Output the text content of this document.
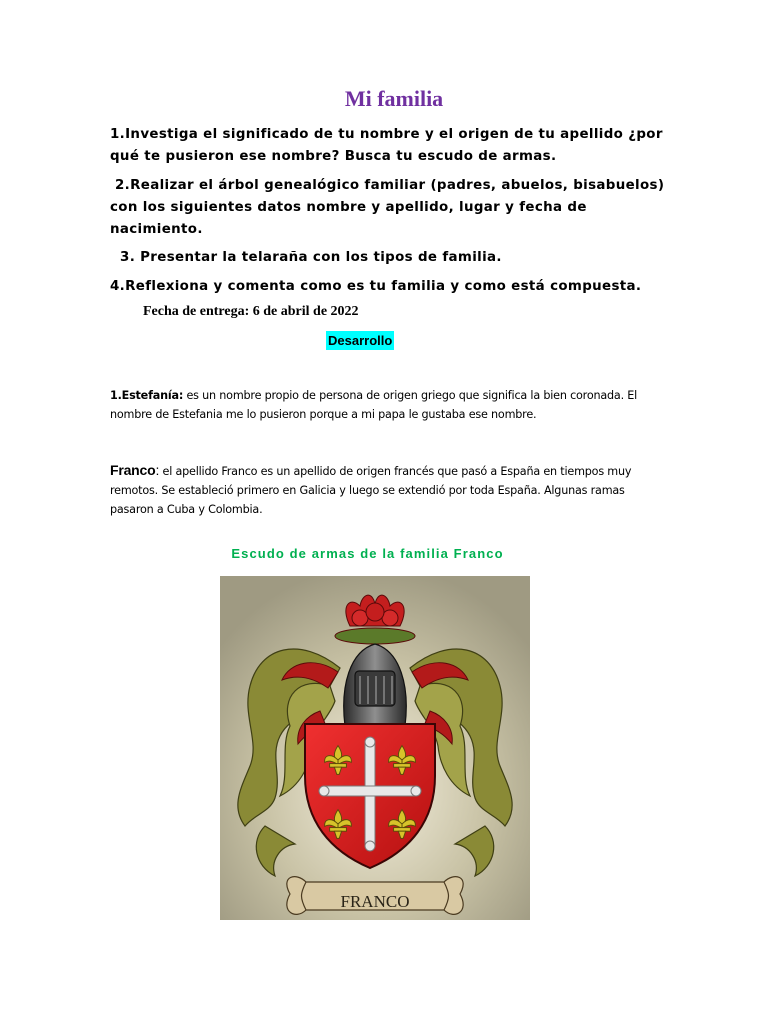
Mi familia
1.Investiga el significado de tu nombre y el origen de tu apellido ¿por qué te pusieron ese nombre? Busca tu escudo de armas.
2.Realizar el árbol genealógico familiar (padres, abuelos, bisabuelos) con los siguientes datos nombre y apellido, lugar y fecha de nacimiento.
3. Presentar la telaraña con los tipos de familia.
4.Reflexiona y comenta como es tu familia y como está compuesta.
Fecha de entrega: 6 de abril de 2022
Desarrollo
1.Estefanía: es un nombre propio de persona de origen griego que significa la bien coronada. El nombre de Estefania me lo pusieron porque a mi papa le gustaba ese nombre.
Franco: el apellido Franco es un apellido de origen francés que pasó a España en tiempos muy remotos. Se estableció primero en Galicia y luego se extendió por toda España. Algunas ramas pasaron a Cuba y Colombia.
Escudo de armas de la familia Franco
FRANCO
